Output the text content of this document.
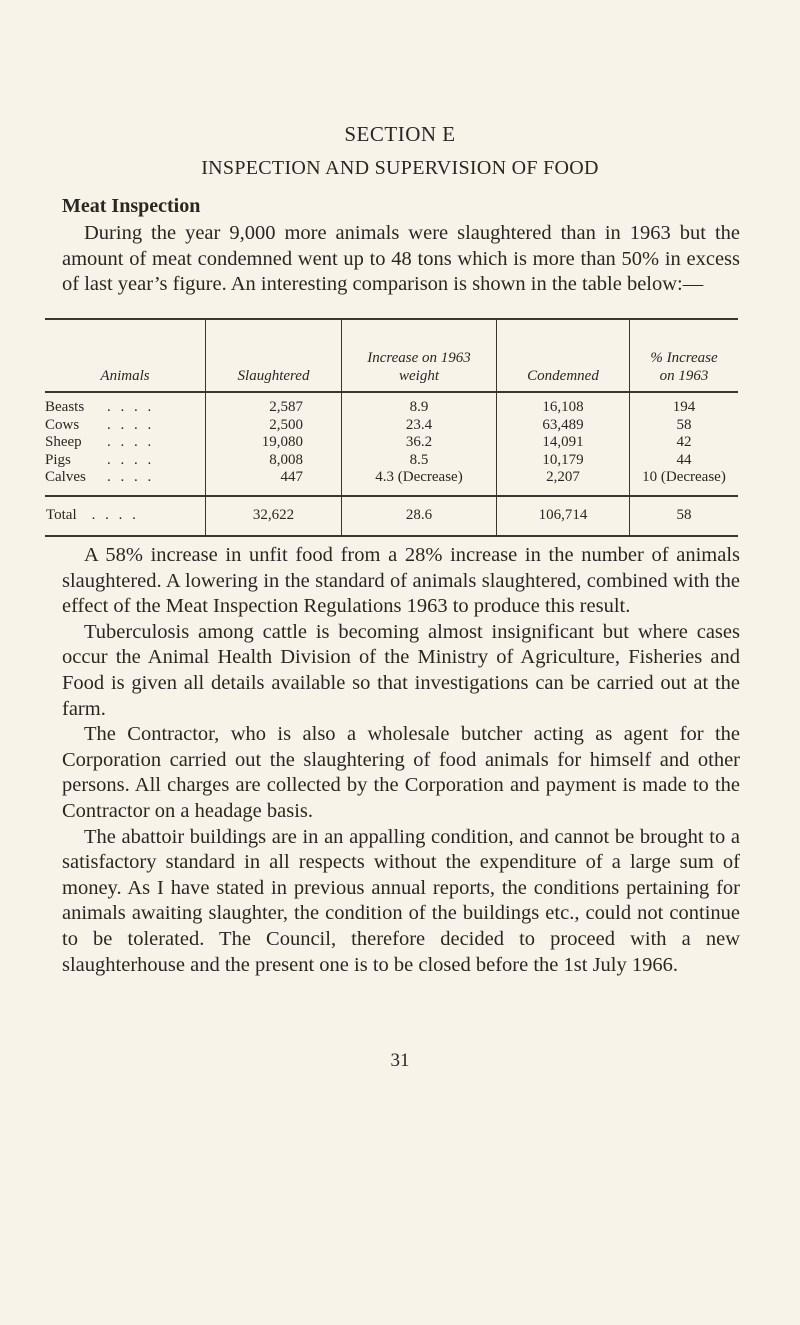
SECTION E
INSPECTION AND SUPERVISION OF FOOD
Meat Inspection

During the year 9,000 more animals were slaughtered than in 1963 but the amount of meat condemned went up to 48 tons which is more than 50% in excess of last year’s figure. An interesting comparison is shown in the table below:—

Animals	Slaughtered	Increase on 1963 weight	Condemned	% Increase on 1963
Beasts . . . .	2,587	8.9	16,108	194
Cows . . . .	2,500	23.4	63,489	58
Sheep . . . .	19,080	36.2	14,091	42
Pigs . . . .	8,008	8.5	10,179	44
Calves . . . .	447	4.3 (Decrease)	2,207	10 (Decrease)
Total . . . .	32,622	28.6	106,714	58

A 58% increase in unfit food from a 28% increase in the number of animals slaughtered. A lowering in the standard of animals slaughtered, combined with the effect of the Meat Inspection Regulations 1963 to produce this result.

Tuberculosis among cattle is becoming almost insignificant but where cases occur the Animal Health Division of the Ministry of Agriculture, Fisheries and Food is given all details available so that investigations can be carried out at the farm.

The Contractor, who is also a wholesale butcher acting as agent for the Corporation carried out the slaughtering of food animals for himself and other persons. All charges are collected by the Corporation and payment is made to the Contractor on a headage basis.

The abattoir buildings are in an appalling condition, and cannot be brought to a satisfactory standard in all respects without the expenditure of a large sum of money. As I have stated in previous annual reports, the conditions pertaining for animals awaiting slaughter, the condition of the buildings etc., could not continue to be tolerated. The Council, therefore decided to proceed with a new slaughterhouse and the present one is to be closed before the 1st July 1966.

31
